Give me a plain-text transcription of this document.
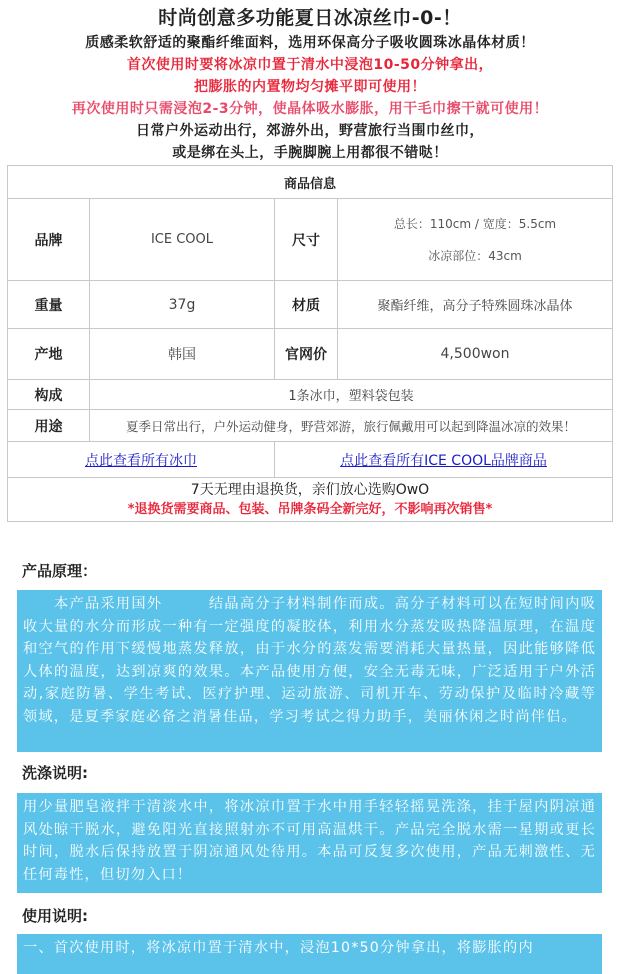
时尚创意多功能夏日冰凉丝巾-0-！
质感柔软舒适的聚酯纤维面料，选用环保高分子吸收圆珠冰晶体材质！
首次使用时要将冰凉巾置于清水中浸泡10-50分钟拿出，
把膨胀的内置物均匀摊平即可使用！
再次使用时只需浸泡2-3分钟，使晶体吸水膨胀，用干毛巾擦干就可使用！
日常户外运动出行，郊游外出，野营旅行当围巾丝巾，
或是绑在头上，手腕脚腕上用都很不错哒！
商品信息			
品牌	ICE COOL	尺寸	总长：110cm / 宽度：5.5cm
冰凉部位：43cm

重量	37g	材质	聚酯纤维，高分子特殊圆珠冰晶体
产地	韩国	官网价	4,500won
构成	1条冰巾，塑料袋包装		
用途	夏季日常出行，户外运动健身，野营郊游，旅行佩戴用可以起到降温冰凉的效果！		
点此查看所有冰巾		点此查看所有ICE COOL品牌商品	

7天无理由退换货，亲们放心选购OwO
*退换货需要商品、包装、吊牌条码全新完好，不影响再次销售*			
产品原理：
　　本产品采用国外　　　结晶高分子材料制作而成。高分子材料可以在短时间内吸收大量的水分而形成一种有一定强度的凝胶体，利用水分蒸发吸热降温原理，在温度和空气的作用下缓慢地蒸发释放，由于水分的蒸发需要消耗大量热量，因此能够降低人体的温度，达到凉爽的效果。本产品使用方便，安全无毒无味，广泛适用于户外活动,家庭防暑、学生考试、医疗护理、运动旅游、司机开车、劳动保护及临时冷藏等领域，是夏季家庭必备之消暑佳品，学习考试之得力助手，美丽休闲之时尚伴侣。
洗涤说明:
用少量肥皂液拌于清淡水中，将冰凉巾置于水中用手轻轻摇晃洗涤，挂于屋内阴凉通风处晾干脱水，避免阳光直接照射亦不可用高温烘干。产品完全脱水需一星期或更长时间，脱水后保持放置于阴凉通风处待用。本品可反复多次使用，产品无刺激性、无任何毒性，但切勿入口！
使用说明:
一、首次使用时，将冰凉巾置于清水中，浸泡10*50分钟拿出，将膨胀的内
